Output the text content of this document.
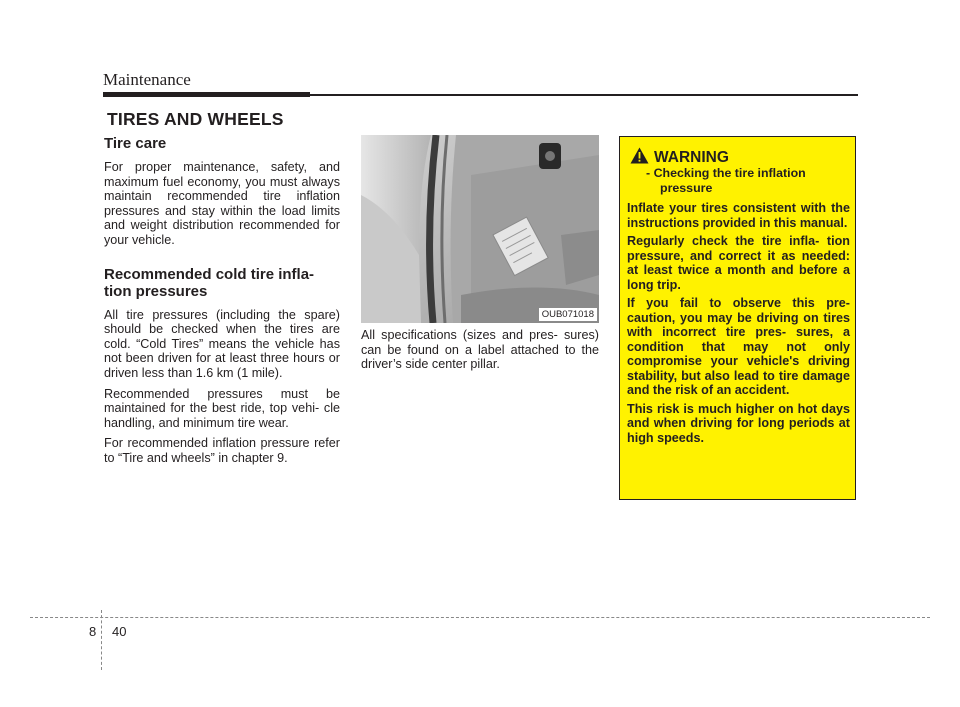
Maintenance
TIRES AND WHEELS
Tire care

For proper maintenance, safety, and maximum fuel economy, you must always maintain recommended tire inflation pressures and stay within the load limits and weight distribution recommended for your vehicle.

Recommended cold tire infla- tion pressures

All tire pressures (including the spare) should be checked when the tires are cold. “Cold Tires” means the vehicle has not been driven for at least three hours or driven less than 1.6 km (1 mile).

Recommended pressures must be maintained for the best ride, top vehi- cle handling, and minimum tire wear.

For recommended inflation pressure refer to “Tire and wheels” in chapter 9.

OUB071018

All specifications (sizes and pres- sures) can be found on a label attached to the driver’s side center pillar.

WARNING
- Checking the tire inflation
pressure

Inflate your tires consistent with the instructions provided in this manual.

Regularly check the tire infla- tion pressure, and correct it as needed: at least twice a month and before a long trip.

If you fail to observe this pre- caution, you may be driving on tires with incorrect tire pres- sures, a condition that may not only compromise your vehicle's driving stability, but also lead to tire damage and the risk of an accident.

This risk is much higher on hot days and when driving for long periods at high speeds.

8 40
